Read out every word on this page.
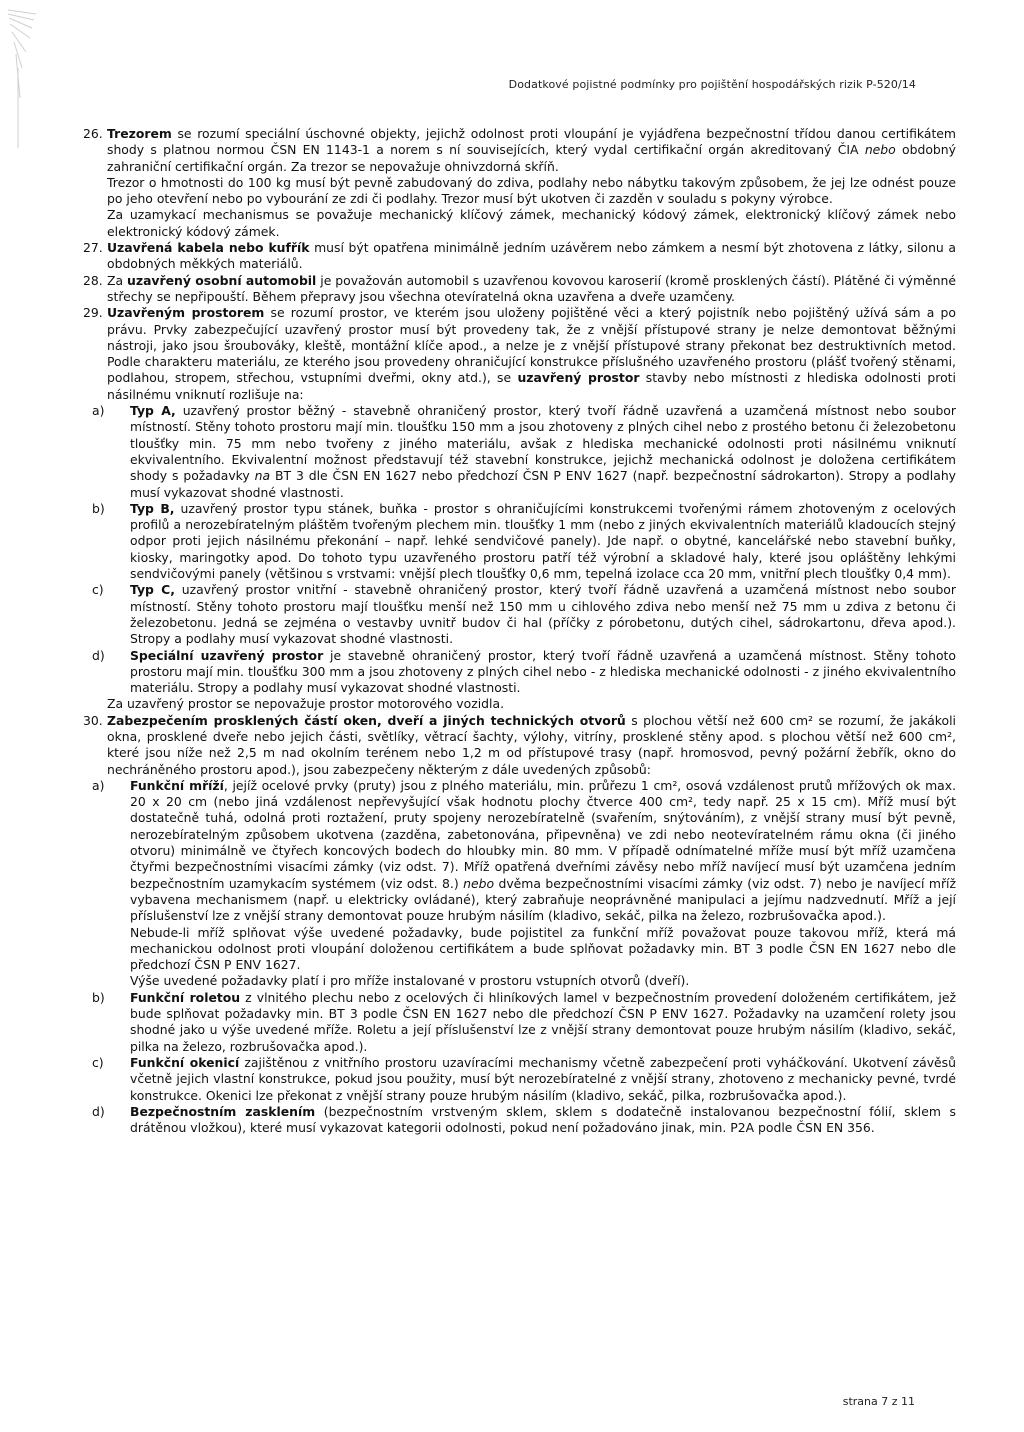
Dodatkové pojistné podmínky pro pojištění hospodářských rizik P-520/14
26. Trezorem se rozumí speciální úschovné objekty, jejichž odolnost proti vloupání je vyjádřena bezpečnostní třídou danou certifikátem shody s platnou normou ČSN EN 1143-1 a norem s ní souvisejících, který vydal certifikační orgán akreditovaný ČIA nebo obdobný zahraniční certifikační orgán. Za trezor se nepovažuje ohnivzdorná skříň.

Trezor o hmotnosti do 100 kg musí být pevně zabudovaný do zdiva, podlahy nebo nábytku takovým způsobem, že jej lze odnést pouze po jeho otevření nebo po vybourání ze zdi či podlahy. Trezor musí být ukotven či zazděn v souladu s pokyny výrobce.

Za uzamykací mechanismus se považuje mechanický klíčový zámek, mechanický kódový zámek, elektronický klíčový zámek nebo elektronický kódový zámek.

27. Uzavřená kabela nebo kufřík musí být opatřena minimálně jedním uzávěrem nebo zámkem a nesmí být zhotovena z látky, silonu a obdobných měkkých materiálů.

28. Za uzavřený osobní automobil je považován automobil s uzavřenou kovovou karoserií (kromě prosklených částí). Plátěné či výměnné střechy se nepřipouští. Během přepravy jsou všechna otevíratelná okna uzavřena a dveře uzamčeny.

29. Uzavřeným prostorem se rozumí prostor, ve kterém jsou uloženy pojištěné věci a který pojistník nebo pojištěný užívá sám a po právu. Prvky zabezpečující uzavřený prostor musí být provedeny tak, že z vnější přístupové strany je nelze demontovat běžnými nástroji, jako jsou šroubováky, kleště, montážní klíče apod., a nelze je z vnější přístupové strany překonat bez destruktivních metod. Podle charakteru materiálu, ze kterého jsou provedeny ohraničující konstrukce příslušného uzavřeného prostoru (plášť tvořený stěnami, podlahou, stropem, střechou, vstupními dveřmi, okny atd.), se uzavřený prostor stavby nebo místnosti z hlediska odolnosti proti násilnému vniknutí rozlišuje na:

a) Typ A, uzavřený prostor běžný - stavebně ohraničený prostor, který tvoří řádně uzavřená a uzamčená místnost nebo soubor místností. Stěny tohoto prostoru mají min. tloušťku 150 mm a jsou zhotoveny z plných cihel nebo z prostého betonu či železobetonu tloušťky min. 75 mm nebo tvořeny z jiného materiálu, avšak z hlediska mechanické odolnosti proti násilnému vniknutí ekvivalentního. Ekvivalentní možnost představují též stavební konstrukce, jejichž mechanická odolnost je doložena certifikátem shody s požadavky na BT 3 dle ČSN EN 1627 nebo předchozí ČSN P ENV 1627 (např. bezpečnostní sádrokarton). Stropy a podlahy musí vykazovat shodné vlastnosti.

b) Typ B, uzavřený prostor typu stánek, buňka - prostor s ohraničujícími konstrukcemi tvořenými rámem zhotoveným z ocelových profilů a nerozebíratelným pláštěm tvořeným plechem min. tloušťky 1 mm (nebo z jiných ekvivalentních materiálů kladoucích stejný odpor proti jejich násilnému překonání – např. lehké sendvičové panely). Jde např. o obytné, kancelářské nebo stavební buňky, kiosky, maringotky apod. Do tohoto typu uzavřeného prostoru patří též výrobní a skladové haly, které jsou opláštěny lehkými sendvičovými panely (většinou s vrstvami: vnější plech tloušťky 0,6 mm, tepelná izolace cca 20 mm, vnitřní plech tloušťky 0,4 mm).

c) Typ C, uzavřený prostor vnitřní - stavebně ohraničený prostor, který tvoří řádně uzavřená a uzamčená místnost nebo soubor místností. Stěny tohoto prostoru mají tloušťku menší než 150 mm u cihlového zdiva nebo menší než 75 mm u zdiva z betonu či železobetonu. Jedná se zejména o vestavby uvnitř budov či hal (příčky z pórobetonu, dutých cihel, sádrokartonu, dřeva apod.). Stropy a podlahy musí vykazovat shodné vlastnosti.

d) Speciální uzavřený prostor je stavebně ohraničený prostor, který tvoří řádně uzavřená a uzamčená místnost. Stěny tohoto prostoru mají min. tloušťku 300 mm a jsou zhotoveny z plných cihel nebo - z hlediska mechanické odolnosti - z jiného ekvivalentního materiálu. Stropy a podlahy musí vykazovat shodné vlastnosti.

Za uzavřený prostor se nepovažuje prostor motorového vozidla.

30. Zabezpečením prosklených částí oken, dveří a jiných technických otvorů s plochou větší než 600 cm² se rozumí, že jakákoli okna, prosklené dveře nebo jejich části, světlíky, větrací šachty, výlohy, vitríny, prosklené stěny apod. s plochou větší než 600 cm², které jsou níže než 2,5 m nad okolním terénem nebo 1,2 m od přístupové trasy (např. hromosvod, pevný požární žebřík, okno do nechráněného prostoru apod.), jsou zabezpečeny některým z dále uvedených způsobů:

a) Funkční mříží, jejíž ocelové prvky (pruty) jsou z plného materiálu, min. průřezu 1 cm², osová vzdálenost prutů mřížových ok max. 20 x 20 cm (nebo jiná vzdálenost nepřevyšující však hodnotu plochy čtverce 400 cm², tedy např. 25 x 15 cm). Mříž musí být dostatečně tuhá, odolná proti roztažení, pruty spojeny nerozebíratelně (svařením, snýtováním), z vnější strany musí být pevně, nerozebíratelným způsobem ukotvena (zazděna, zabetonována, připevněna) ve zdi nebo neotevíratelném rámu okna (či jiného otvoru) minimálně ve čtyřech koncových bodech do hloubky min. 80 mm. V případě odnímatelné mříže musí být mříž uzamčena čtyřmi bezpečnostními visacími zámky (viz odst. 7). Mříž opatřená dveřními závěsy nebo mříž navíjecí musí být uzamčena jedním bezpečnostním uzamykacím systémem (viz odst. 8.) nebo dvěma bezpečnostními visacími zámky (viz odst. 7) nebo je navíjecí mříž vybavena mechanismem (např. u elektricky ovládané), který zabraňuje neoprávněné manipulaci a jejímu nadzvednutí. Mříž a její příslušenství lze z vnější strany demontovat pouze hrubým násilím (kladivo, sekáč, pilka na železo, rozbrušovačka apod.).

Nebude-li mříž splňovat výše uvedené požadavky, bude pojistitel za funkční mříž považovat pouze takovou mříž, která má mechanickou odolnost proti vloupání doloženou certifikátem a bude splňovat požadavky min. BT 3 podle ČSN EN 1627 nebo dle předchozí ČSN P ENV 1627.

Výše uvedené požadavky platí i pro mříže instalované v prostoru vstupních otvorů (dveří).

b) Funkční roletou z vlnitého plechu nebo z ocelových či hliníkových lamel v bezpečnostním provedení doloženém certifikátem, jež bude splňovat požadavky min. BT 3 podle ČSN EN 1627 nebo dle předchozí ČSN P ENV 1627. Požadavky na uzamčení rolety jsou shodné jako u výše uvedené mříže. Roletu a její příslušenství lze z vnější strany demontovat pouze hrubým násilím (kladivo, sekáč, pilka na železo, rozbrušovačka apod.).

c) Funkční okenicí zajištěnou z vnitřního prostoru uzavíracími mechanismy včetně zabezpečení proti vyháčkování. Ukotvení závěsů včetně jejich vlastní konstrukce, pokud jsou použity, musí být nerozebíratelné z vnější strany, zhotoveno z mechanicky pevné, tvrdé konstrukce. Okenici lze překonat z vnější strany pouze hrubým násilím (kladivo, sekáč, pilka, rozbrušovačka apod.).

d) Bezpečnostním zasklením (bezpečnostním vrstveným sklem, sklem s dodatečně instalovanou bezpečnostní fólií, sklem s drátěnou vložkou), které musí vykazovat kategorii odolnosti, pokud není požadováno jinak, min. P2A podle ČSN EN 356.

strana 7 z 11
